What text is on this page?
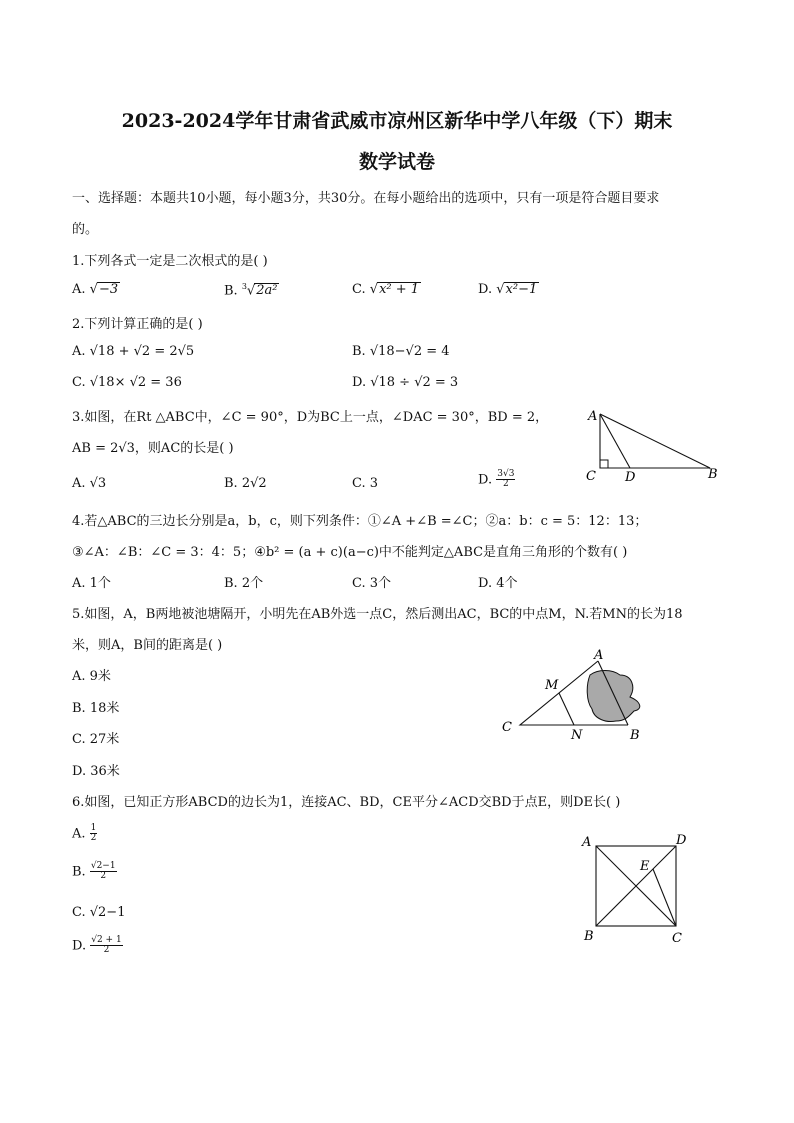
2023-2024学年甘肃省武威市凉州区新华中学八年级（下）期末
数学试卷
一、选择题：本题共10小题，每小题3分，共30分。在每小题给出的选项中，只有一项是符合题目要求
的。
1.下列各式一定是二次根式的是( )
A. √−3	B. $^3$√2a²	C. √x² + 1	D. √x²−1
2.下列计算正确的是( )
A. √18 + √2 = 2√5	B. √18−√2 = 4
C. √18× √2 = 36	D. √18 ÷ √2 = 3
3.如图，在Rt △ABC中，∠C = 90°，D为BC上一点，∠DAC = 30°，BD = 2，
AB = 2√3，则AC的长是( )
A. √3	B. 2√2	C. 3	D. $\frac{3√3}{2}$
A
C D	B
4.若△ABC的三边长分别是a，b，c，则下列条件：①∠A +∠B =∠C；②a：b：c = 5：12：13；
③∠A：∠B：∠C = 3：4：5；④b² = (a + c)(a−c)中不能判定△ABC是直角三角形的个数有( )
A. 1个	B. 2个	C. 3个	D. 4个
5.如图，A，B两地被池塘隔开，小明先在AB外选一点C，然后测出AC，BC的中点M，N.若MN的长为18
米，则A，B间的距离是( )
A. 9米
B. 18米
C. 27米
D. 36米
A
M
C
N	B
6.如图，已知正方形ABCD的边长为1，连接AC、BD，CE平分∠ACD交BD于点E，则DE长( )
A. $\frac{1}{2}$
B. $\frac{√2-1}{2}$
C. √2−1
D. $\frac{√2 + 1}{2}$
A	D
E
B	C
